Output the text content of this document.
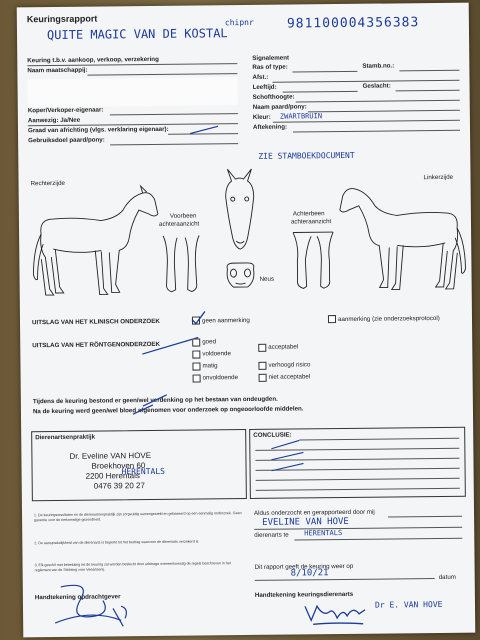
Keuringsrapport
QUITE MAGIC VAN DE KOSTAL
chipnr	981100004356383
Keuring t.b.v. aankoop, verkoop, verzekering
Naam maatschappij:
Koper/Verkoper-eigenaar:
Aanwezig: Ja/Nee
Graad van africhting (vlgs. verklaring eigenaar):
Gebruiksdoel paard/pony:
Signalement
Ras of type:	Stamb.no.:
Afst.:
Leeftijd:	Geslacht:
Schofthoogte:
Naam paard/pony:
Kleur: ZWARTBRUIN
Aftekening:
ZIE STAMBOEKDOCUMENT
Rechterzijde
Linkerzijde
Voorbeen
achteraanzicht
Achterbeen
achteraanzicht
Neus
UITSLAG VAN HET KLINISCH ONDERZOEK	geen aanmerking	aanmerking (zie onderzoeksprotocol)
UITSLAG VAN HET RÖNTGENONDERZOEK	goed
voldoende
matig
onvoldoende
acceptabel
verhoogd risico
niet acceptabel
Tijdens de keuring bestond er geen/wel verdenking op het bestaan van ondeugden.
Na de keuring werd geen/wel bloed afgenomen voor onderzoek op ongeoorloofde middelen.
Dierenartsenpraktijk
Dr. Eveline VAN HOVE
Broekhoven 60
2200 Herentals
HERENTALS
0476 39 20 27
CONCLUSIE:
1. De keuringsresultaten en de dierenartsenpraktijk zijn zorgvuldig samengesteld en gebaseerd op een eenmalig onderzoek. Geen garantie voor de toekomstige gezondheid.
2. De aansprakelijkheid van de dierenarts is beperkt tot het bedrag waarvoor de dierenarts verzekerd is.
3. Elk geschil met betrekking tot de keuring zal worden beslecht door arbitrage overeenkomstig de regels beschreven in het reglement van de Stichting voor Veeartsenij.
Aldus onderzocht en gerapporteerd door mij
EVELINE VAN HOVE
dierenarts te HERENTALS
Dit rapport geeft de keuring weer op
8/10/21	datum
Handtekening opdrachtgever	Handtekening keuringsdierenarts
Dr E. VAN HOVE
